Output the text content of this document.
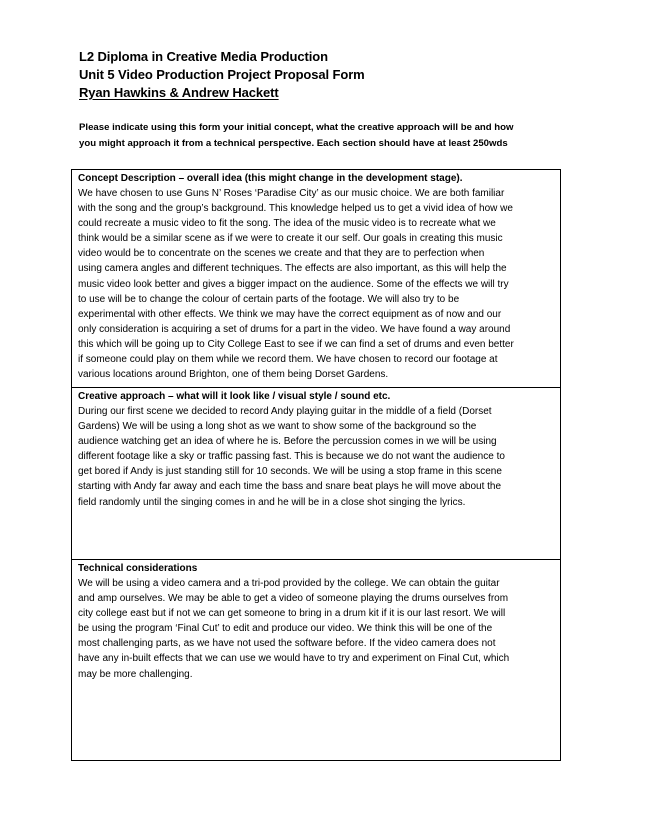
L2 Diploma in Creative Media Production
Unit 5 Video Production Project Proposal Form
Ryan Hawkins & Andrew Hackett

Please indicate using this form your initial concept, what the creative approach will be and how

you might approach it from a technical perspective. Each section should have at least 250wds

Concept Description – overall idea (this might change in the development stage).

We have chosen to use Guns N’ Roses ‘Paradise City’ as our music choice. We are both familiar
with the song and the group’s background. This knowledge helped us to get a vivid idea of how we
could recreate a music video to fit the song. The idea of the music video is to recreate what we
think would be a similar scene as if we were to create it our self. Our goals in creating this music
video would be to concentrate on the scenes we create and that they are to perfection when
using camera angles and different techniques. The effects are also important, as this will help the
music video look better and gives a bigger impact on the audience. Some of the effects we will try
to use will be to change the colour of certain parts of the footage. We will also try to be
experimental with other effects. We think we may have the correct equipment as of now and our
only consideration is acquiring a set of drums for a part in the video. We have found a way around
this which will be going up to City College East to see if we can find a set of drums and even better
if someone could play on them while we record them. We have chosen to record our footage at
various locations around Brighton, one of them being Dorset Gardens.

Creative approach – what will it look like / visual style / sound etc.

During our first scene we decided to record Andy playing guitar in the middle of a field (Dorset
Gardens) We will be using a long shot as we want to show some of the background so the
audience watching get an idea of where he is. Before the percussion comes in we will be using
different footage like a sky or traffic passing fast. This is because we do not want the audience to
get bored if Andy is just standing still for 10 seconds. We will be using a stop frame in this scene
starting with Andy far away and each time the bass and snare beat plays he will move about the
field randomly until the singing comes in and he will be in a close shot singing the lyrics.

Technical considerations

We will be using a video camera and a tri-pod provided by the college. We can obtain the guitar
and amp ourselves. We may be able to get a video of someone playing the drums ourselves from
city college east but if not we can get someone to bring in a drum kit if it is our last resort. We will
be using the program ‘Final Cut’ to edit and produce our video. We think this will be one of the
most challenging parts, as we have not used the software before. If the video camera does not
have any in-built effects that we can use we would have to try and experiment on Final Cut, which
may be more challenging.
